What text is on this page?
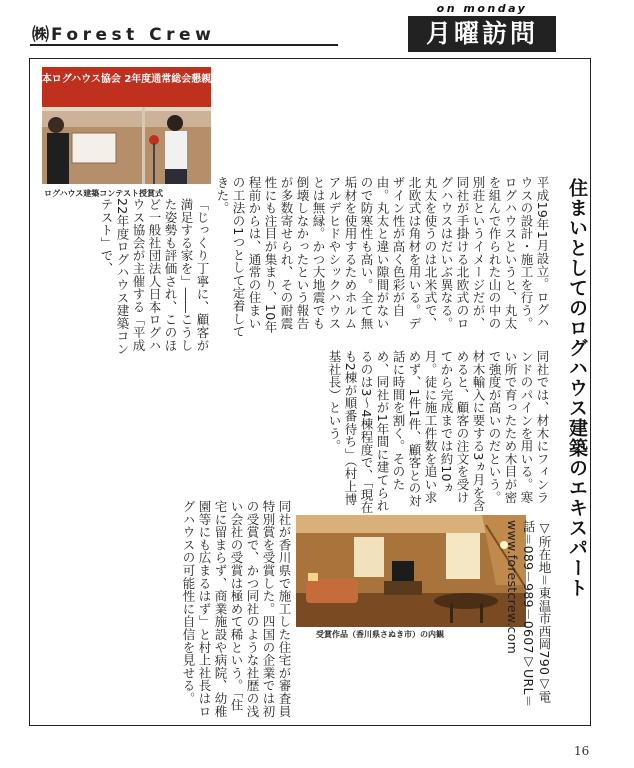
㈱ Forest Crew
on monday
月曜訪問
日本ログハウス協会 2年度通常総会懇親会
ログハウス建築コンテスト授賞式
受賞作品（香川県さぬき市）の内観
住まいとしてのログハウス建築のエキスパート
平成19年1月設立。ログハウスの設計・施工を行う。　ログハウスというと、丸太を組んで作られた山の中の別荘というイメージだが、同社が手掛ける北欧式のログハウスはだいぶ異なる。丸太を使うのは北米式で、北欧式は角材を用いる。デザイン性が高く色彩が自由。丸太と違い隙間がないので防寒性も高い。全て無垢材を使用するためホルムアルデヒドやシックハウスとは無縁。かつ大地震でも倒壊しなかったという報告が多数寄せられ、その耐震性にも注目が集まり、10年程前からは、通常の住まいの工法の1つとして定着してきた。
同社では、材木にフィンランドのパインを用いる。寒い所で育ったため木目が密で強度が高いのだという。材木輸入に要する3ヵ月を含めると、顧客の注文を受けてから完成までは約10ヵ月。徒に施工件数を追い求めず、1件1件、顧客との対話に時間を割く。そのため、同社が1年間に建てられるのは3～4棟程度で、「現在も2棟が順番待ち」（村上博基社長）という。
「じっくり丁寧に、顧客が満足する家を」――こうした姿勢も評価され、このほど一般社団法人日本ログハウス協会が主催する「平成22年度ログハウス建築コンテスト」で、
同社が香川県で施工した住宅が審査員特別賞を受賞した。四国の企業では初の受賞で、かつ同社のような社歴の浅い会社の受賞は極めて稀という。「住宅に留まらず、商業施設や病院、幼稚園等にも広まるはず」と村上社長はログハウスの可能性に自信を見せる。	▽所在地＝東温市西岡790▽電話＝089－989－0607▽URL＝www.forestcrew.com
16
